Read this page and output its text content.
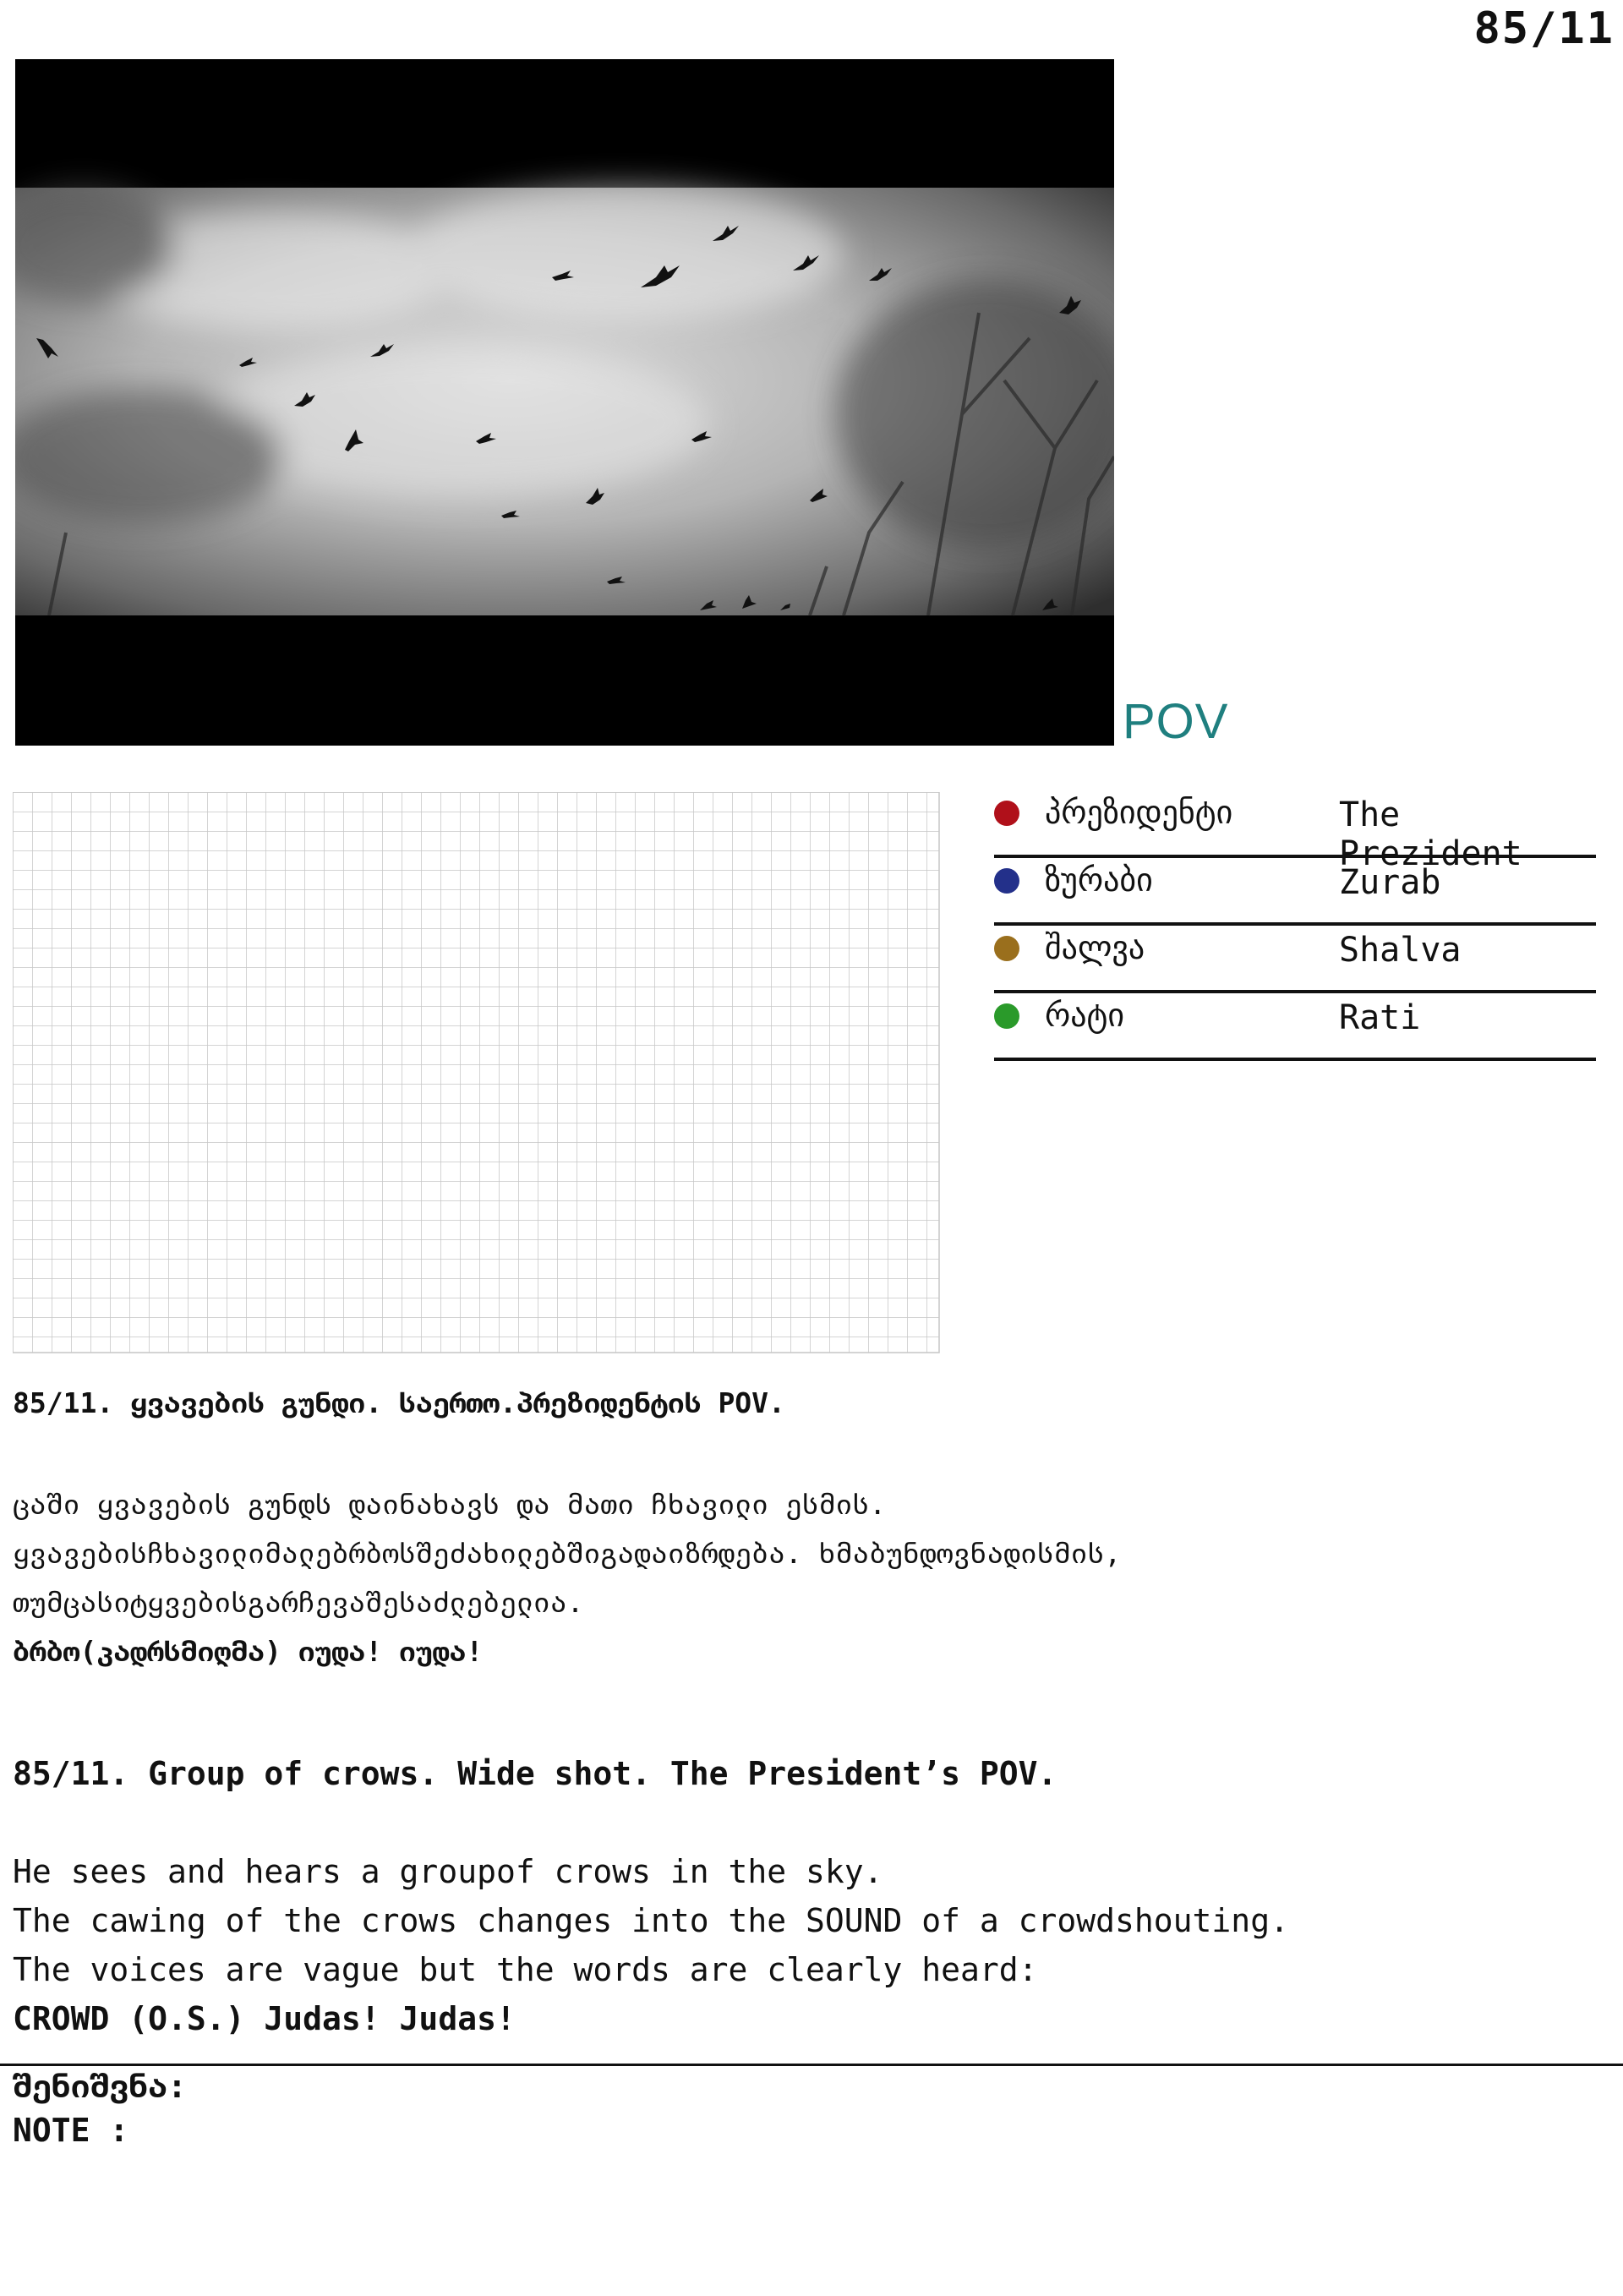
85/11
POV
პრეზიდენტი	The Prezident
ზურაბი	Zurab
შალვა	Shalva
რატი	Rati
85/11. ყვავების გუნდი. საერთო.პრეზიდენტის POV.
ცაში ყვავების გუნდს დაინახავს და მათი ჩხავილი ესმის.
ყვავებისჩხავილიმალებრბოსშეძახილებშიგადაიზრდება. ხმაბუნდოვნადისმის,
თუმცასიტყვებისგარჩევაშესაძლებელია.
ბრბო(კადრსმიღმა) იუდა! იუდა!
85/11. Group of crows. Wide shot. The President’s POV.
He sees and hears a groupof crows in the sky.
The cawing of the crows changes into the SOUND of a crowdshouting.
The voices are vague but the words are clearly heard:
CROWD (O.S.) Judas! Judas!
შენიშვნა:
NOTE :
